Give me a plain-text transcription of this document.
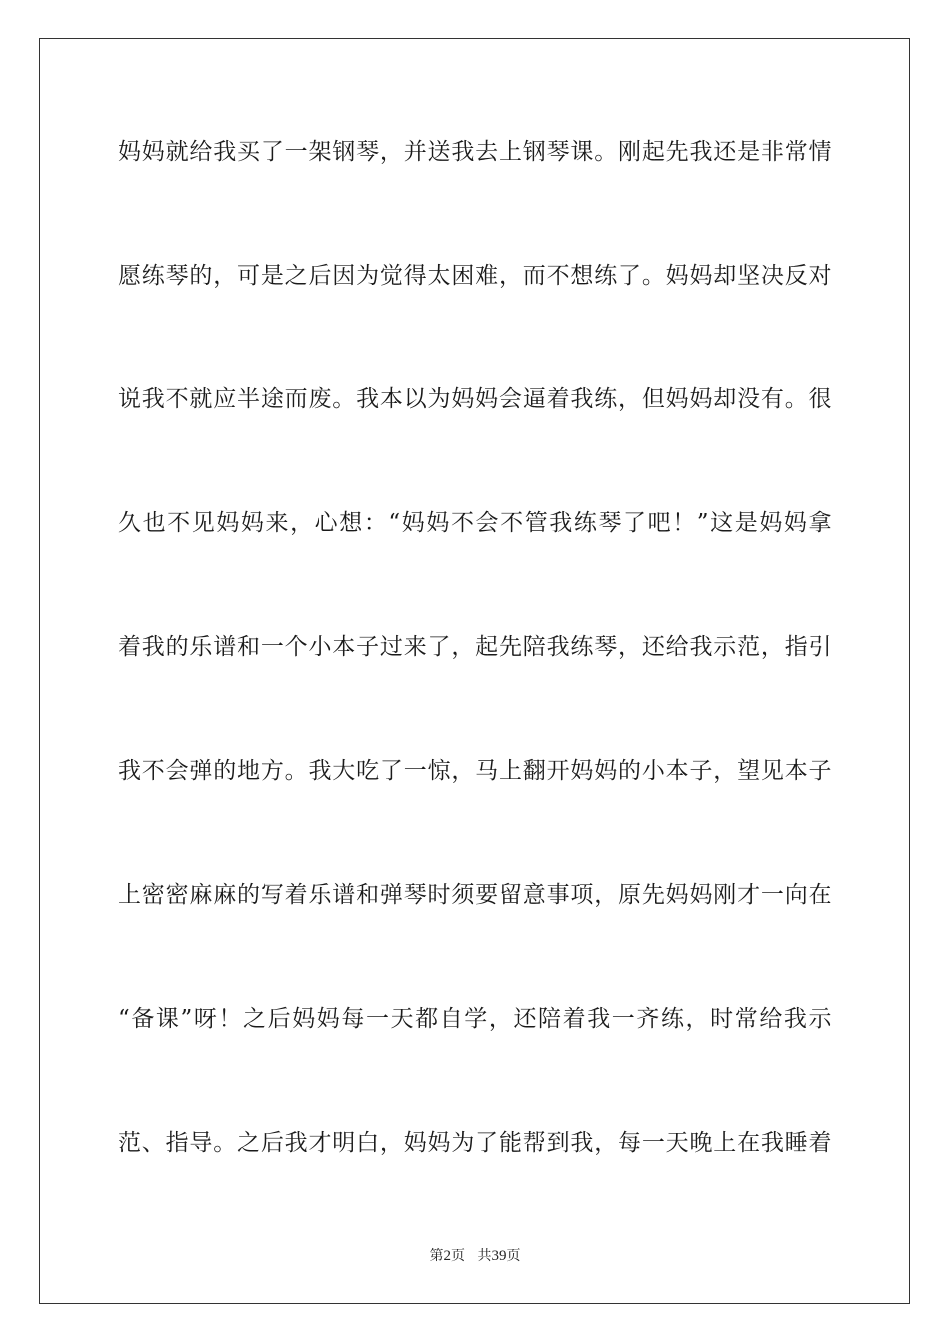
妈妈就给我买了一架钢琴，并送我去上钢琴课。刚起先我还是非常情
愿练琴的，可是之后因为觉得太困难，而不想练了。妈妈却坚决反对
说我不就应半途而废。我本以为妈妈会逼着我练，但妈妈却没有。很
久也不见妈妈来，心想：“妈妈不会不管我练琴了吧！”这是妈妈拿
着我的乐谱和一个小本子过来了，起先陪我练琴，还给我示范，指引
我不会弹的地方。我大吃了一惊，马上翻开妈妈的小本子，望见本子
上密密麻麻的写着乐谱和弹琴时须要留意事项，原先妈妈刚才一向在
“备课”呀！之后妈妈每一天都自学，还陪着我一齐练，时常给我示
范、指导。之后我才明白，妈妈为了能帮到我，每一天晚上在我睡着
第2页 共39页
